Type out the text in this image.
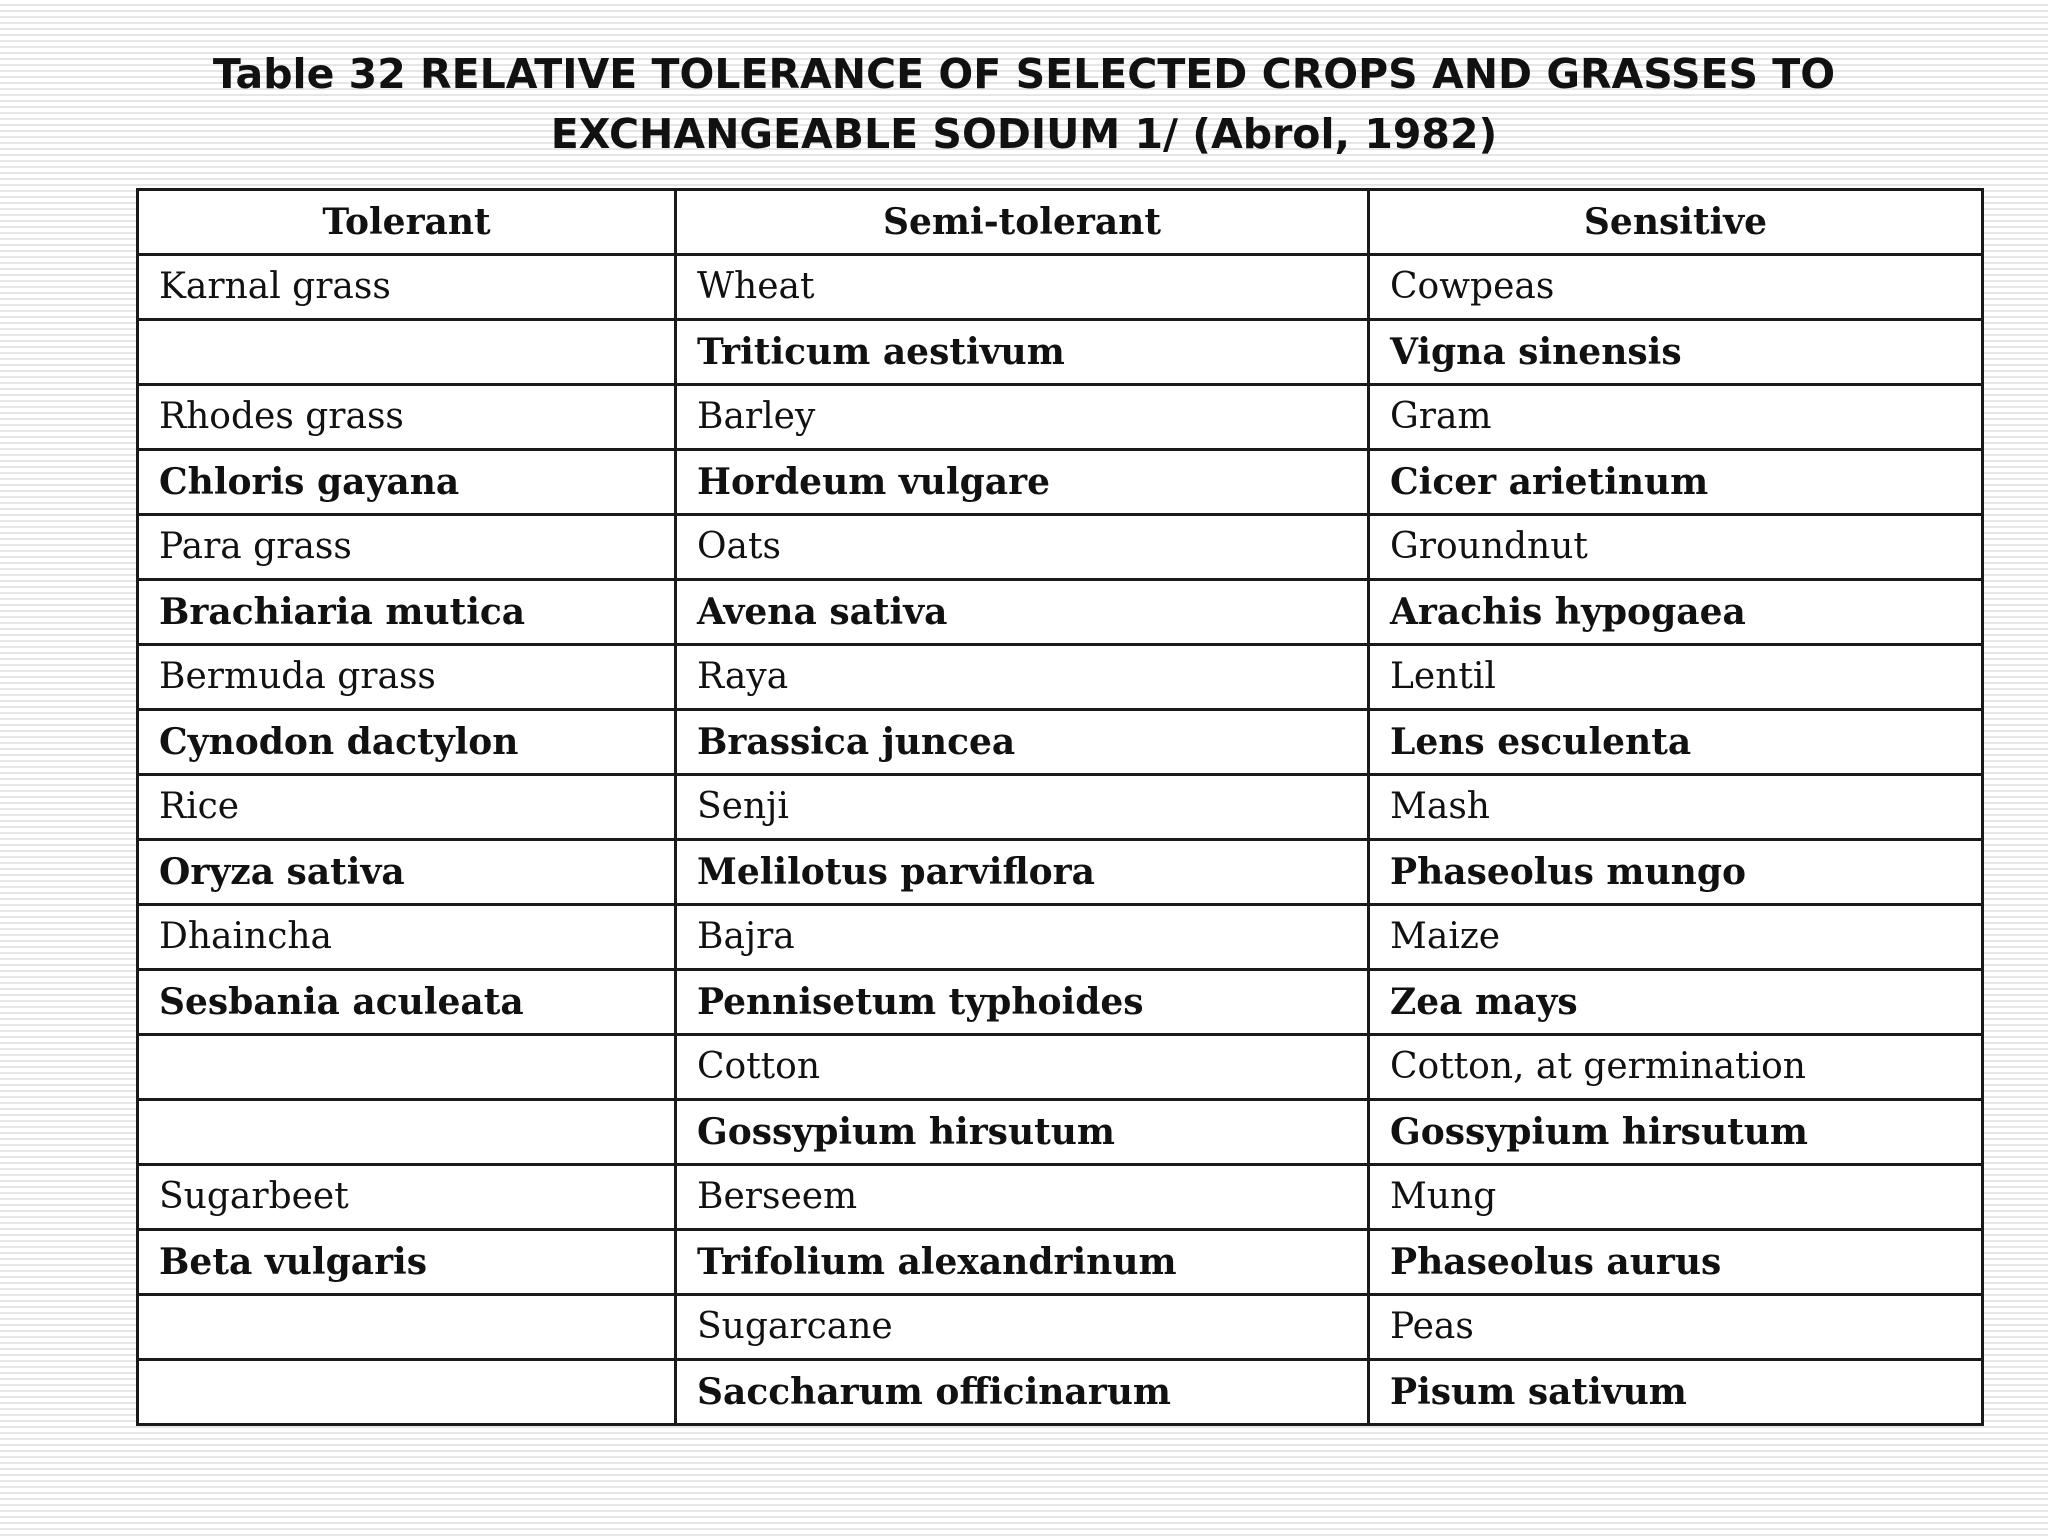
Table 32 RELATIVE TOLERANCE OF SELECTED CROPS AND GRASSES TO
EXCHANGEABLE SODIUM 1/ (Abrol, 1982)
Tolerant	Semi-tolerant	Sensitive
Karnal grass	Wheat	Cowpeas
	Triticum aestivum	Vigna sinensis
Rhodes grass	Barley	Gram
Chloris gayana	Hordeum vulgare	Cicer arietinum
Para grass	Oats	Groundnut
Brachiaria mutica	Avena sativa	Arachis hypogaea
Bermuda grass	Raya	Lentil
Cynodon dactylon	Brassica juncea	Lens esculenta
Rice	Senji	Mash
Oryza sativa	Melilotus parviflora	Phaseolus mungo
Dhaincha	Bajra	Maize
Sesbania aculeata	Pennisetum typhoides	Zea mays
	Cotton	Cotton, at germination
	Gossypium hirsutum	Gossypium hirsutum
Sugarbeet	Berseem	Mung
Beta vulgaris	Trifolium alexandrinum	Phaseolus aurus
	Sugarcane	Peas
	Saccharum officinarum	Pisum sativum
